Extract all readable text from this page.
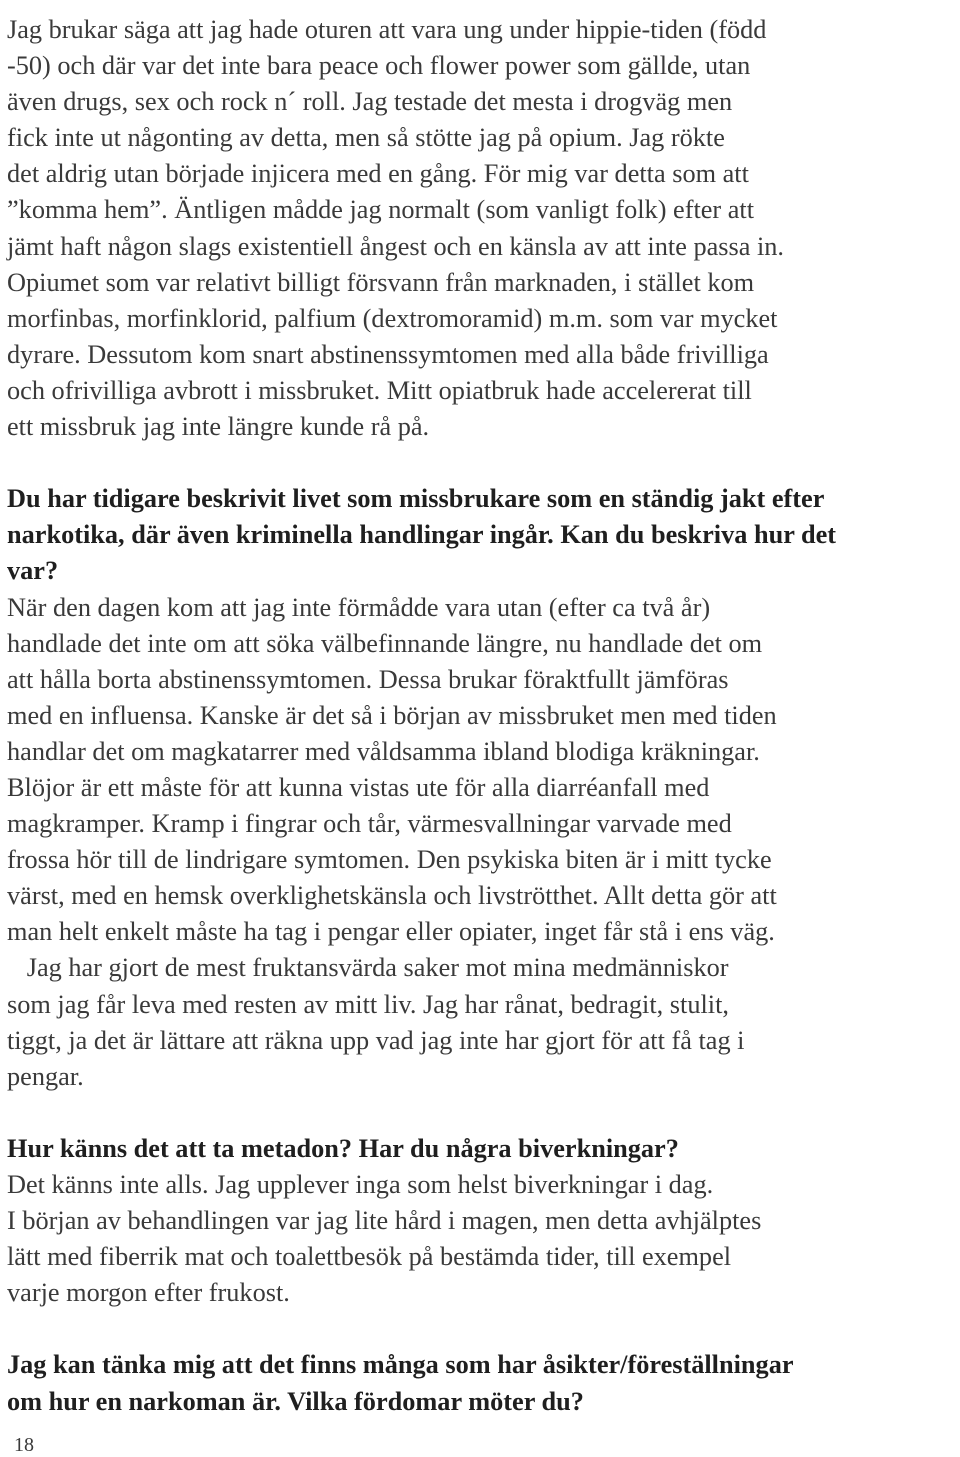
Jag brukar säga att jag hade oturen att vara ung under hippie-tiden (född
-50) och där var det inte bara peace och flower power som gällde, utan
även drugs, sex och rock n´ roll. Jag testade det mesta i drogväg men
fick inte ut någonting av detta, men så stötte jag på opium. Jag rökte
det aldrig utan började injicera med en gång. För mig var detta som att
”komma hem”. Äntligen mådde jag normalt (som vanligt folk) efter att
jämt haft någon slags existentiell ångest och en känsla av att inte passa in.
Opiumet som var relativt billigt försvann från marknaden, i stället kom
morfinbas, morfinklorid, palfium (dextromoramid) m.m. som var mycket
dyrare. Dessutom kom snart abstinenssymtomen med alla både frivilliga
och ofrivilliga avbrott i missbruket. Mitt opiatbruk hade accelererat till
ett missbruk jag inte längre kunde rå på.
Du har tidigare beskrivit livet som missbrukare som en ständig jakt efter
narkotika, där även kriminella handlingar ingår. Kan du beskriva hur det
var?
När den dagen kom att jag inte förmådde vara utan (efter ca två år)
handlade det inte om att söka välbefinnande längre, nu handlade det om
att hålla borta abstinenssymtomen. Dessa brukar föraktfullt jämföras
med en influensa. Kanske är det så i början av missbruket men med tiden
handlar det om magkatarrer med våldsamma ibland blodiga kräkningar.
Blöjor är ett måste för att kunna vistas ute för alla diarréanfall med
magkramper. Kramp i fingrar och tår, värmesvallningar varvade med
frossa hör till de lindrigare symtomen. Den psykiska biten är i mitt tycke
värst, med en hemsk overklighetskänsla och livströtthet. Allt detta gör att
man helt enkelt måste ha tag i pengar eller opiater, inget får stå i ens väg.
Jag har gjort de mest fruktansvärda saker mot mina medmänniskor
som jag får leva med resten av mitt liv. Jag har rånat, bedragit, stulit,
tiggt, ja det är lättare att räkna upp vad jag inte har gjort för att få tag i
pengar.
Hur känns det att ta metadon? Har du några biverkningar?
Det känns inte alls. Jag upplever inga som helst biverkningar i dag.
I början av behandlingen var jag lite hård i magen, men detta avhjälptes
lätt med fiberrik mat och toalettbesök på bestämda tider, till exempel
varje morgon efter frukost.
Jag kan tänka mig att det finns många som har åsikter/föreställningar
om hur en narkoman är. Vilka fördomar möter du?
18
